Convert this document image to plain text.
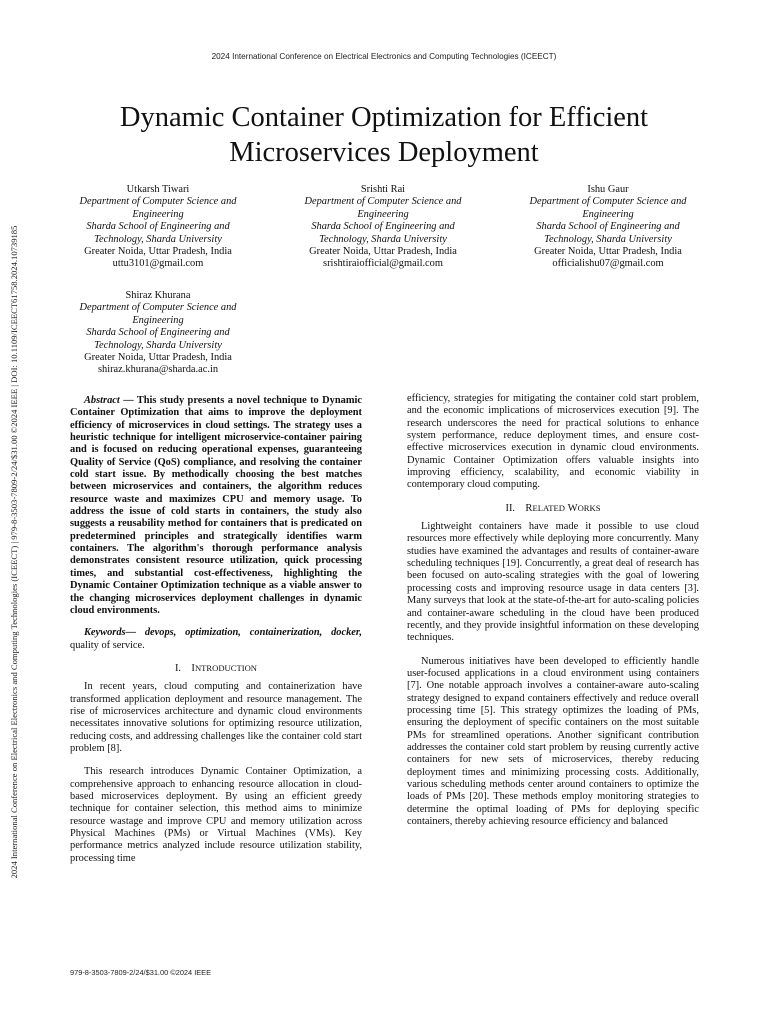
2024 International Conference on Electrical Electronics and Computing Technologies (ICEECT)
2024 International Conference on Electrical Electronics and Computing Technologies (ICEECT) | 979-8-3503-7809-2/24/$31.00 ©2024 IEEE | DOI: 10.1109/ICEECT61758.2024.10739185
Dynamic Container Optimization for Efficient
Microservices Deployment
Utkarsh Tiwari
Department of Computer Science and
Engineering
Sharda School of Engineering and
Technology, Sharda University
Greater Noida, Uttar Pradesh, India
uttu3101@gmail.com
Srishti Rai
Department of Computer Science and
Engineering
Sharda School of Engineering and
Technology, Sharda University
Greater Noida, Uttar Pradesh, India
srishtiraiofficial@gmail.com
Ishu Gaur
Department of Computer Science and
Engineering
Sharda School of Engineering and
Technology, Sharda University
Greater Noida, Uttar Pradesh, India
officialishu07@gmail.com
Shiraz Khurana
Department of Computer Science and
Engineering
Sharda School of Engineering and
Technology, Sharda University
Greater Noida, Uttar Pradesh, India
shiraz.khurana@sharda.ac.in

Abstract — This study presents a novel technique to Dynamic Container Optimization that aims to improve the deployment efficiency of microservices in cloud settings. The strategy uses a heuristic technique for intelligent microservice-container pairing and is focused on reducing operational expenses, guaranteeing Quality of Service (QoS) compliance, and resolving the container cold start issue. By methodically choosing the best matches between microservices and containers, the algorithm reduces resource waste and maximizes CPU and memory usage. To address the issue of cold starts in containers, the study also suggests a reusability method for containers that is predicated on predetermined principles and strategically identifies warm containers. The algorithm's thorough performance analysis demonstrates consistent resource utilization, quick processing times, and substantial cost-effectiveness, highlighting the Dynamic Container Optimization technique as a viable answer to the changing microservices deployment challenges in dynamic cloud environments.

Keywords— devops, optimization, containerization, docker, quality of service.

I. INTRODUCTION

In recent years, cloud computing and containerization have transformed application deployment and resource management. The rise of microservices architecture and dynamic cloud environments necessitates innovative solutions for optimizing resource utilization, reducing costs, and addressing challenges like the container cold start problem [8].

This research introduces Dynamic Container Optimization, a comprehensive approach to enhancing resource allocation in cloud-based microservices deployment. By using an efficient greedy technique for container selection, this method aims to minimize resource wastage and improve CPU and memory utilization across Physical Machines (PMs) or Virtual Machines (VMs). Key performance metrics analyzed include resource utilization stability, processing time

efficiency, strategies for mitigating the container cold start problem, and the economic implications of microservices execution [9]. The research underscores the need for practical solutions to enhance system performance, reduce deployment times, and ensure cost-effective microservices execution in dynamic cloud environments. Dynamic Container Optimization offers valuable insights into improving efficiency, scalability, and economic viability in contemporary cloud computing.

II. RELATED WORKS

Lightweight containers have made it possible to use cloud resources more effectively while deploying more concurrently. Many studies have examined the advantages and results of container-aware scheduling techniques [19]. Concurrently, a great deal of research has been focused on auto-scaling strategies with the goal of lowering processing costs and improving resource usage in data centers [3]. Many surveys that look at the state-of-the-art for auto-scaling policies and container-aware scheduling in the cloud have been produced recently, and they provide insightful information on these developing techniques.

Numerous initiatives have been developed to efficiently handle user-focused applications in a cloud environment using containers [7]. One notable approach involves a container-aware auto-scaling strategy designed to expand containers effectively and reduce overall processing time [5]. This strategy optimizes the loading of PMs, ensuring the deployment of specific containers on the most suitable PMs for streamlined operations. Another significant contribution addresses the container cold start problem by reusing currently active containers for new sets of microservices, thereby reducing deployment times and minimizing processing costs. Additionally, various scheduling methods center around containers to optimize the loads of PMs [20]. These methods employ monitoring strategies to determine the optimal loading of PMs for deploying specific containers, thereby achieving resource efficiency and balanced

979-8-3503-7809-2/24/$31.00 ©2024 IEEE
